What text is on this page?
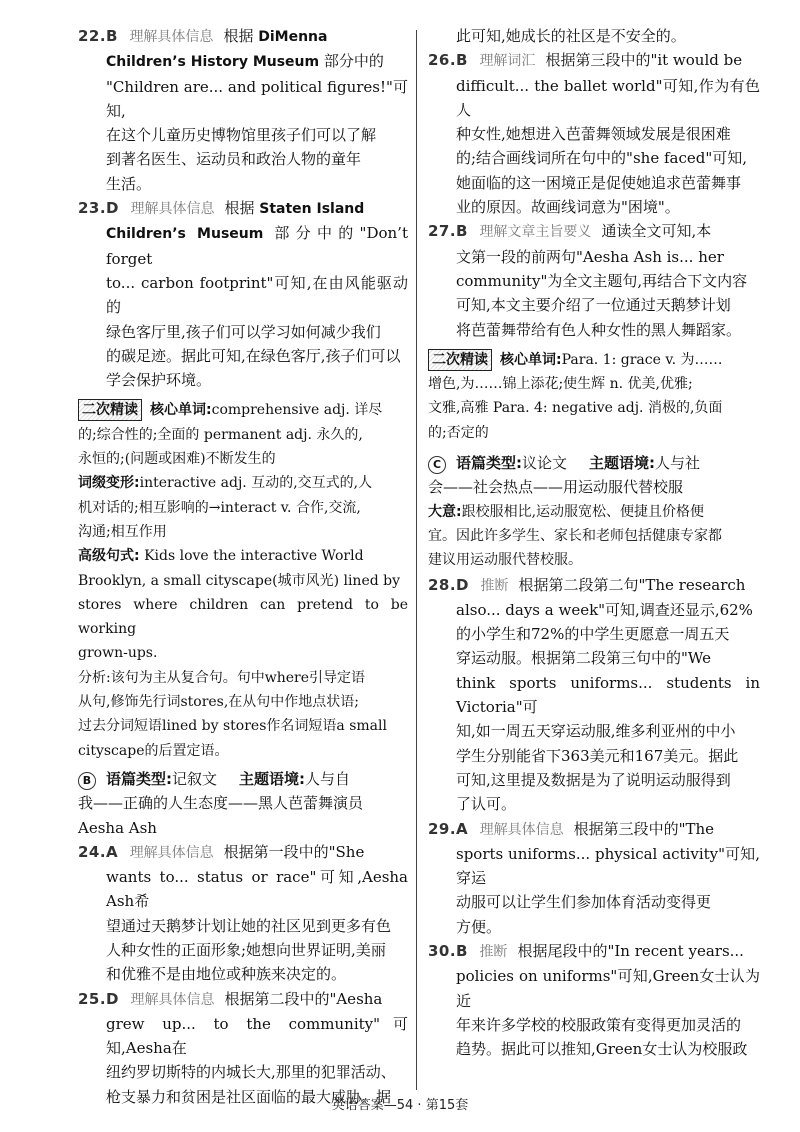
22.B 理解具体信息 根据 DiMenna
Children’s History Museum 部分中的
"Children are... and political figures!"可知,
在这个儿童历史博物馆里孩子们可以了解
到著名医生、运动员和政治人物的童年
生活。
23.D 理解具体信息 根据 Staten Island
Children’s Museum 部分中的"Don’t forget
to... carbon footprint"可知,在由风能驱动的
绿色客厅里,孩子们可以学习如何减少我们
的碳足迹。据此可知,在绿色客厅,孩子们可以
学会保护环境。
二次精读 核心单词:comprehensive adj. 详尽
的;综合性的;全面的 permanent adj. 永久的,
永恒的;(问题或困难)不断发生的
词缀变形:interactive adj. 互动的,交互式的,人
机对话的;相互影响的→interact v. 合作,交流,
沟通;相互作用
高级句式: Kids love the interactive World
Brooklyn, a small cityscape(城市风光) lined by
stores where children can pretend to be working
grown-ups.
分析:该句为主从复合句。句中where引导定语
从句,修饰先行词stores,在从句中作地点状语;
过去分词短语lined by stores作名词短语a small
cityscape的后置定语。
B 语篇类型:记叙文 主题语境:人与自
我——正确的人生态度——黑人芭蕾舞演员
Aesha Ash
24.A 理解具体信息 根据第一段中的"She
wants to... status or race"可知,Aesha Ash希
望通过天鹅梦计划让她的社区见到更多有色
人种女性的正面形象;她想向世界证明,美丽
和优雅不是由地位或种族来决定的。
25.D 理解具体信息 根据第二段中的"Aesha
grew up... to the community"可知,Aesha在
纽约罗切斯特的内城长大,那里的犯罪活动、
枪支暴力和贫困是社区面临的最大威胁。据
此可知,她成长的社区是不安全的。
26.B 理解词汇 根据第三段中的"it would be
difficult... the ballet world"可知,作为有色人
种女性,她想进入芭蕾舞领域发展是很困难
的;结合画线词所在句中的"she faced"可知,
她面临的这一困境正是促使她追求芭蕾舞事
业的原因。故画线词意为"困境"。
27.B 理解文章主旨要义 通读全文可知,本
文第一段的前两句"Aesha Ash is... her
community"为全文主题句,再结合下文内容
可知,本文主要介绍了一位通过天鹅梦计划
将芭蕾舞带给有色人种女性的黑人舞蹈家。
二次精读 核心单词:Para. 1: grace v. 为……
增色,为……锦上添花;使生辉 n. 优美,优雅;
文雅,高雅 Para. 4: negative adj. 消极的,负面
的;否定的
C 语篇类型:议论文 主题语境:人与社
会——社会热点——用运动服代替校服
大意:跟校服相比,运动服宽松、便捷且价格便
宜。因此许多学生、家长和老师包括健康专家都
建议用运动服代替校服。
28.D 推断 根据第二段第二句"The research
also... days a week"可知,调查还显示,62%
的小学生和72%的中学生更愿意一周五天
穿运动服。根据第二段第三句中的"We
think sports uniforms... students in Victoria"可
知,如一周五天穿运动服,维多利亚州的中小
学生分别能省下363美元和167美元。据此
可知,这里提及数据是为了说明运动服得到
了认可。
29.A 理解具体信息 根据第三段中的"The
sports uniforms... physical activity"可知,穿运
动服可以让学生们参加体育活动变得更
方便。
30.B 推断 根据尾段中的"In recent years...
policies on uniforms"可知,Green女士认为近
年来许多学校的校服政策有变得更加灵活的
趋势。据此可以推知,Green女士认为校服政
英语答案—54 · 第15套
